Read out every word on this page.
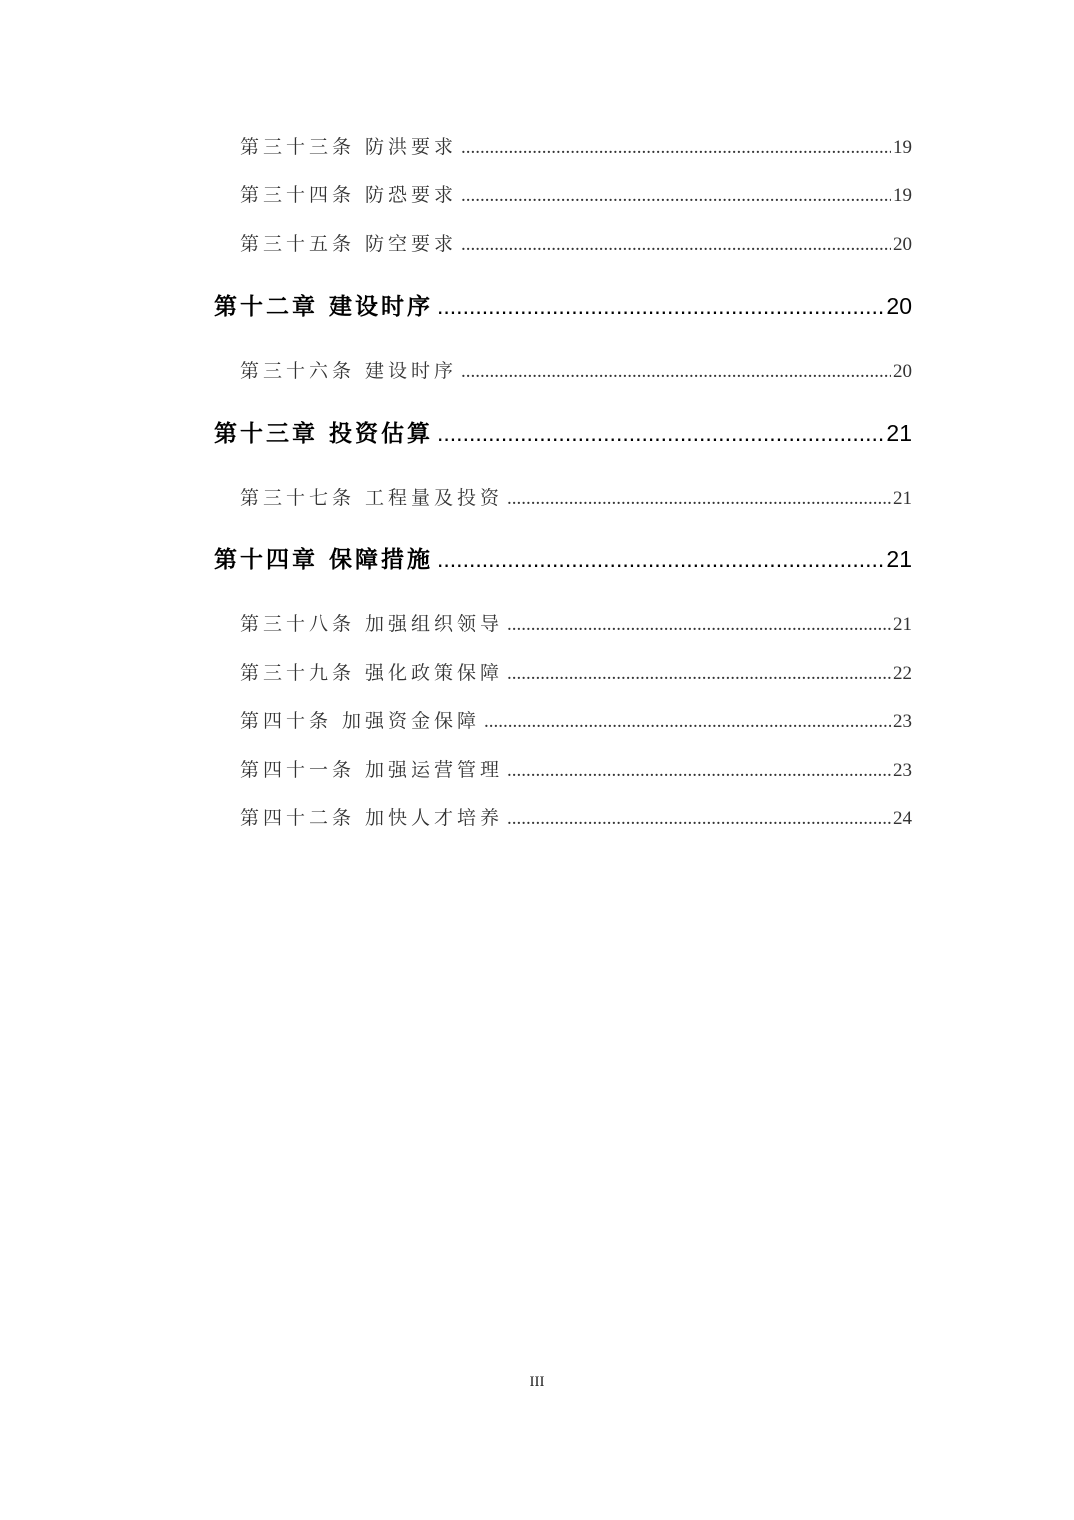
第三十三条 防洪要求 .....	19
第三十四条 防恐要求 .....	19
第三十五条 防空要求 .....	20
第十二章 建设时序 .....	20
第三十六条 建设时序 .....	20
第十三章 投资估算 .....	21
第三十七条 工程量及投资 .....	21
第十四章 保障措施 .....	21
第三十八条 加强组织领导 .....	21
第三十九条 强化政策保障 .....	22
第四十条 加强资金保障 .....	23
第四十一条 加强运营管理 .....	23
第四十二条 加快人才培养 .....	24
III
